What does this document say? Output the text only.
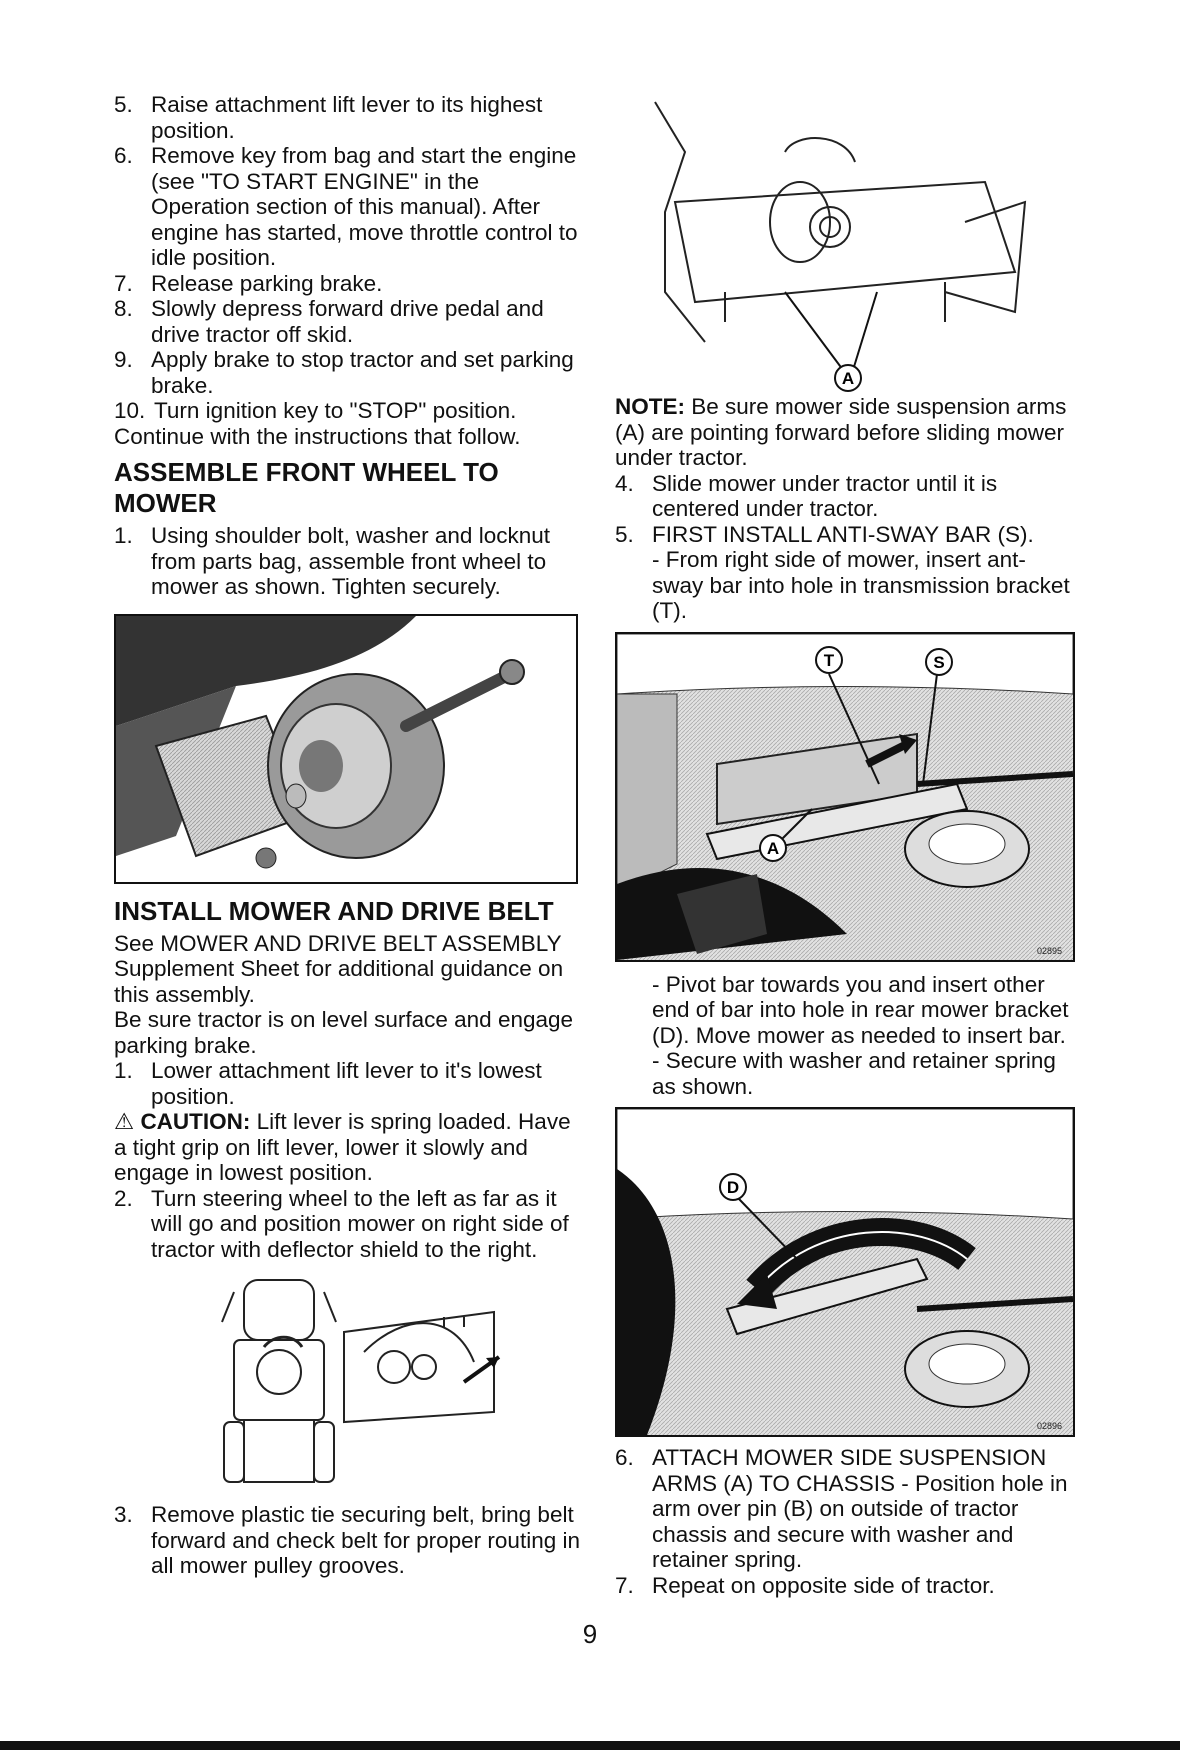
5. Raise attachment lift lever to its highest position.
6. Remove key from bag and start the engine (see "TO START ENGINE" in the Operation section of this manual). After engine has started, move throttle control to idle position.
7. Release parking brake.
8. Slowly depress forward drive pedal and drive tractor off skid.
9. Apply brake to stop tractor and set parking brake.
10. Turn ignition key to "STOP" position.

Continue with the instructions that follow.

ASSEMBLE FRONT WHEEL TO MOWER
1. Using shoulder bolt, washer and locknut from parts bag, assemble front wheel to mower as shown. Tighten securely.
02032
INSTALL MOWER AND DRIVE BELT

See MOWER AND DRIVE BELT ASSEMBLY Supplement Sheet for additional guidance on this assembly.

Be sure tractor is on level surface and engage parking brake.

1. Lower attachment lift lever to it's lowest position.

⚠ CAUTION: Lift lever is spring loaded. Have a tight grip on lift lever, lower it slowly and engage in lowest position.

2. Turn steering wheel to the left as far as it will go and position mower on right side of tractor with deflector shield to the right.
3. Remove plastic tie securing belt, bring belt forward and check belt for proper routing in all mower pulley grooves.
A

NOTE: Be sure mower side suspension arms (A) are pointing forward before sliding mower under tractor.

4. Slide mower under tractor until it is centered under tractor.
5. FIRST INSTALL ANTI-SWAY BAR (S).

- From right side of mower, insert ant-sway bar into hole in transmission bracket (T).

T	S
A
02895

- Pivot bar towards you and insert other end of bar into hole in rear mower bracket (D). Move mower as needed to insert bar.

- Secure with washer and retainer spring as shown.

D
02896
6. ATTACH MOWER SIDE SUSPENSION ARMS (A) TO CHASSIS - Position hole in arm over pin (B) on outside of tractor chassis and secure with washer and retainer spring.
7. Repeat on opposite side of tractor.
9
